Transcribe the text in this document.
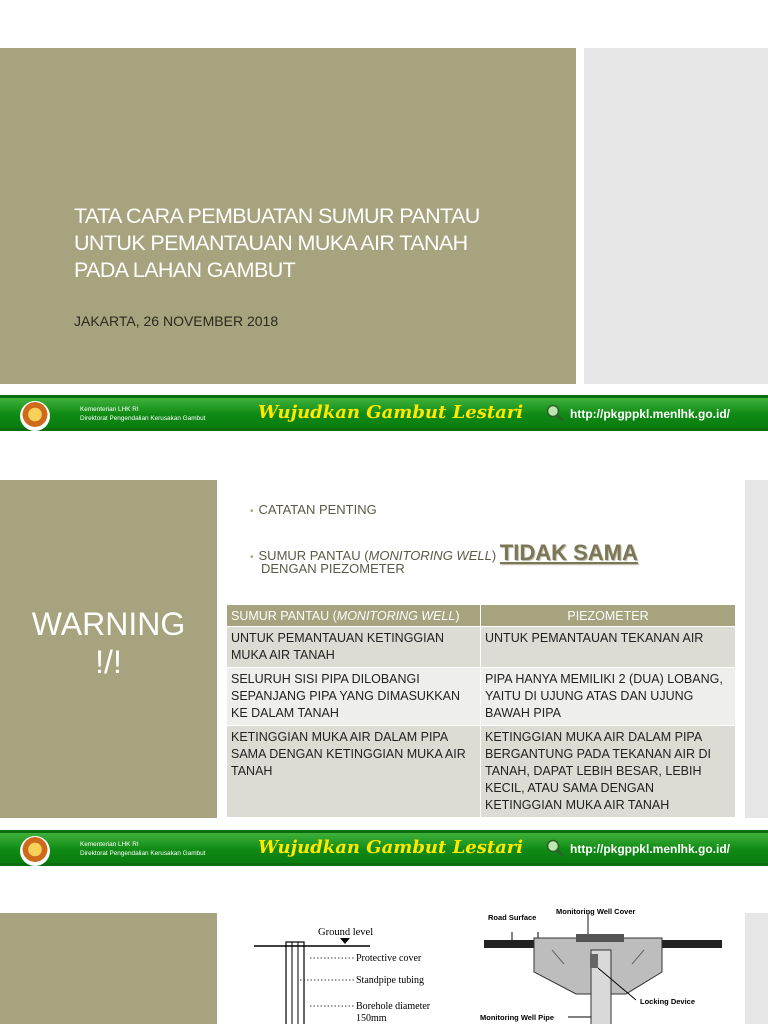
TATA CARA PEMBUATAN SUMUR PANTAU
UNTUK PEMANTAUAN MUKA AIR TANAH
PADA LAHAN GAMBUT
JAKARTA, 26 NOVEMBER 2018
Kementerian LHK RI
Direktorat Pengendalian Kerusakan Gambut	Wujudkan Gambut Lestari	http://pkgppkl.menlhk.go.id/
WARNING
!/!
• CATATAN PENTING
• SUMUR PANTAU (MONITORING WELL) TIDAK SAMA
DENGAN PIEZOMETER
SUMUR PANTAU (MONITORING WELL)	PIEZOMETER
UNTUK PEMANTAUAN KETINGGIAN MUKA AIR TANAH	UNTUK PEMANTAUAN TEKANAN AIR
SELURUH SISI PIPA DILOBANGI SEPANJANG PIPA YANG DIMASUKKAN KE DALAM TANAH	PIPA HANYA MEMILIKI 2 (DUA) LOBANG, YAITU DI UJUNG ATAS DAN UJUNG BAWAH PIPA
KETINGGIAN MUKA AIR DALAM PIPA SAMA DENGAN KETINGGIAN MUKA AIR TANAH	KETINGGIAN MUKA AIR DALAM PIPA BERGANTUNG PADA TEKANAN AIR DI TANAH, DAPAT LEBIH BESAR, LEBIH KECIL, ATAU SAMA DENGAN KETINGGIAN MUKA AIR TANAH
Kementerian LHK RI
Direktorat Pengendalian Kerusakan Gambut	Wujudkan Gambut Lestari	http://pkgppkl.menlhk.go.id/
Ground level
Protective cover
Standpipe tubing
Borehole diameter
150mm
Road Surface
Monitoring Well Cover
Locking Device
Monitoring Well Pipe
